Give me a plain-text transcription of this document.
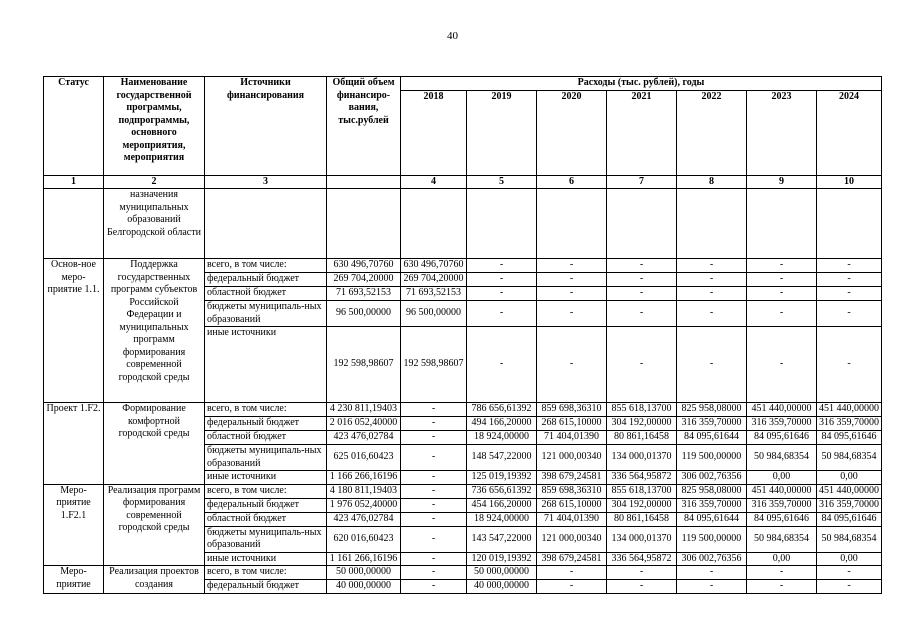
40
Статус	Наименование государственной программы, подпрограммы, основного мероприятия, мероприятия	Источники финансирования	Общий объем финансиро-вания, тыс.рублей	Расходы (тыс. рублей), годы						
				2018	2019	2020	2021	2022	2023	2024
1	2	3		4	5	6	7	8	9	10
	назначения муниципальных образований Белгородской области									
Основ-ное меро-приятие 1.1.	Поддержка государственных программ субъектов Российской Федерации и муниципальных программ формирования современной городской среды	всего, в том числе:	630 496,70760	630 496,70760	-	-	-	-	-	-
		федеральный бюджет	269 704,20000	269 704,20000	-	-	-	-	-	-
		областной бюджет	71 693,52153	71 693,52153	-	-	-	-	-	-
		бюджеты муниципаль-ных образований	96 500,00000	96 500,00000	-	-	-	-	-	-
		иные источники	192 598,98607	192 598,98607	-	-	-	-	-	-
Проект 1.F2.	Формирование комфортной городской среды	всего, в том числе:	4 230 811,19403	-	786 656,61392	859 698,36310	855 618,13700	825 958,08000	451 440,00000	451 440,00000
		федеральный бюджет	2 016 052,40000	-	494 166,20000	268 615,10000	304 192,00000	316 359,70000	316 359,70000	316 359,70000
		областной бюджет	423 476,02784	-	18 924,00000	71 404,01390	80 861,16458	84 095,61644	84 095,61646	84 095,61646
		бюджеты муниципаль-ных образований	625 016,60423	-	148 547,22000	121 000,00340	134 000,01370	119 500,00000	50 984,68354	50 984,68354
		иные источники	1 166 266,16196	-	125 019,19392	398 679,24581	336 564,95872	306 002,76356	0,00	0,00
Меро-приятие 1.F2.1	Реализация программ формирования современной городской среды	всего, в том числе:	4 180 811,19403	-	736 656,61392	859 698,36310	855 618,13700	825 958,08000	451 440,00000	451 440,00000
		федеральный бюджет	1 976 052,40000	-	454 166,20000	268 615,10000	304 192,00000	316 359,70000	316 359,70000	316 359,70000
		областной бюджет	423 476,02784	-	18 924,00000	71 404,01390	80 861,16458	84 095,61644	84 095,61646	84 095,61646
		бюджеты муниципаль-ных образований	620 016,60423	-	143 547,22000	121 000,00340	134 000,01370	119 500,00000	50 984,68354	50 984,68354
		иные источники	1 161 266,16196	-	120 019,19392	398 679,24581	336 564,95872	306 002,76356	0,00	0,00
Меро-приятие	Реализация проектов создания	всего, в том числе:	50 000,00000	-	50 000,00000	-	-	-	-	-
		федеральный бюджет	40 000,00000	-	40 000,00000	-	-	-	-	-
